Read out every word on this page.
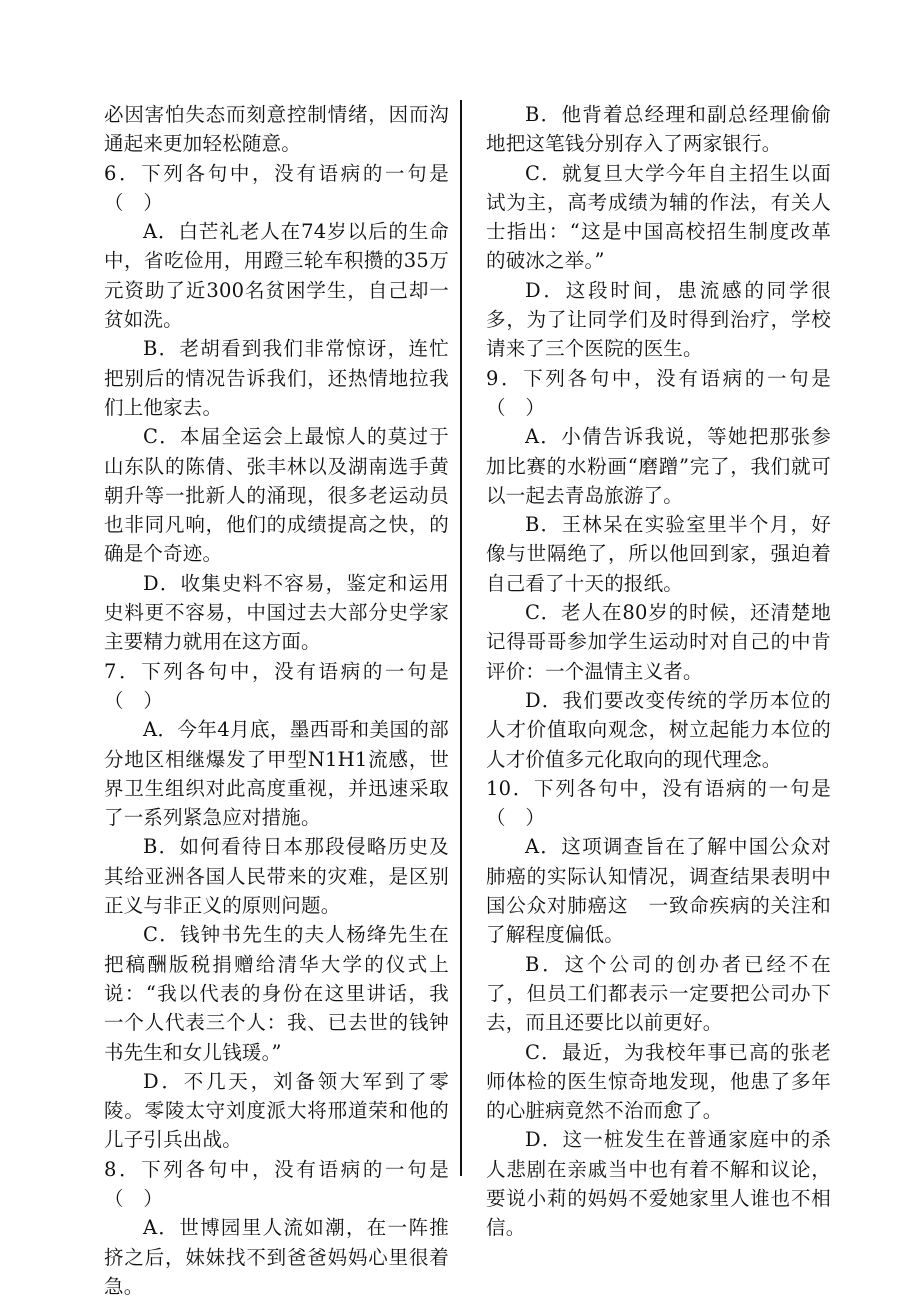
必因害怕失态而刻意控制情绪，因而沟通起来更加轻松随意。

6．下列各句中，没有语病的一句是（　）

A．白芒礼老人在74岁以后的生命中，省吃俭用，用蹬三轮车积攒的35万元资助了近300名贫困学生，自己却一贫如洗。

B．老胡看到我们非常惊讶，连忙把别后的情况告诉我们，还热情地拉我们上他家去。

C．本届全运会上最惊人的莫过于山东队的陈倩、张丰林以及湖南选手黄朝升等一批新人的涌现，很多老运动员也非同凡响，他们的成绩提高之快，的确是个奇迹。

D．收集史料不容易，鉴定和运用史料更不容易，中国过去大部分史学家主要精力就用在这方面。

7．下列各句中，没有语病的一句是（　）

A．今年4月底，墨西哥和美国的部分地区相继爆发了甲型N1H1流感，世界卫生组织对此高度重视，并迅速采取了一系列紧急应对措施。

B．如何看待日本那段侵略历史及其给亚洲各国人民带来的灾难，是区别正义与非正义的原则问题。

C．钱钟书先生的夫人杨绛先生在把稿酬版税捐赠给清华大学的仪式上说：“我以代表的身份在这里讲话，我一个人代表三个人：我、已去世的钱钟书先生和女儿钱瑗。”

D．不几天，刘备领大军到了零陵。零陵太守刘度派大将邢道荣和他的儿子引兵出战。

8．下列各句中，没有语病的一句是（　）

A．世博园里人流如潮，在一阵推挤之后，妹妹找不到爸爸妈妈心里很着急。

B．他背着总经理和副总经理偷偷地把这笔钱分别存入了两家银行。

C．就复旦大学今年自主招生以面试为主，高考成绩为辅的作法，有关人士指出：“这是中国高校招生制度改革的破冰之举。”

D．这段时间，患流感的同学很多，为了让同学们及时得到治疗，学校请来了三个医院的医生。

9．下列各句中，没有语病的一句是（　）

A．小倩告诉我说，等她把那张参加比赛的水粉画“磨蹭”完了，我们就可以一起去青岛旅游了。

B．王林呆在实验室里半个月，好像与世隔绝了，所以他回到家，强迫着自己看了十天的报纸。

C．老人在80岁的时候，还清楚地记得哥哥参加学生运动时对自己的中肯评价：一个温情主义者。

D．我们要改变传统的学历本位的人才价值取向观念，树立起能力本位的人才价值多元化取向的现代理念。

10．下列各句中，没有语病的一句是（　）

A．这项调查旨在了解中国公众对肺癌的实际认知情况，调查结果表明中国公众对肺癌这　一致命疾病的关注和了解程度偏低。

B．这个公司的创办者已经不在了，但员工们都表示一定要把公司办下去，而且还要比以前更好。

C．最近，为我校年事已高的张老师体检的医生惊奇地发现，他患了多年的心脏病竟然不治而愈了。

D．这一桩发生在普通家庭中的杀人悲剧在亲戚当中也有着不解和议论，要说小莉的妈妈不爱她家里人谁也不相信。
